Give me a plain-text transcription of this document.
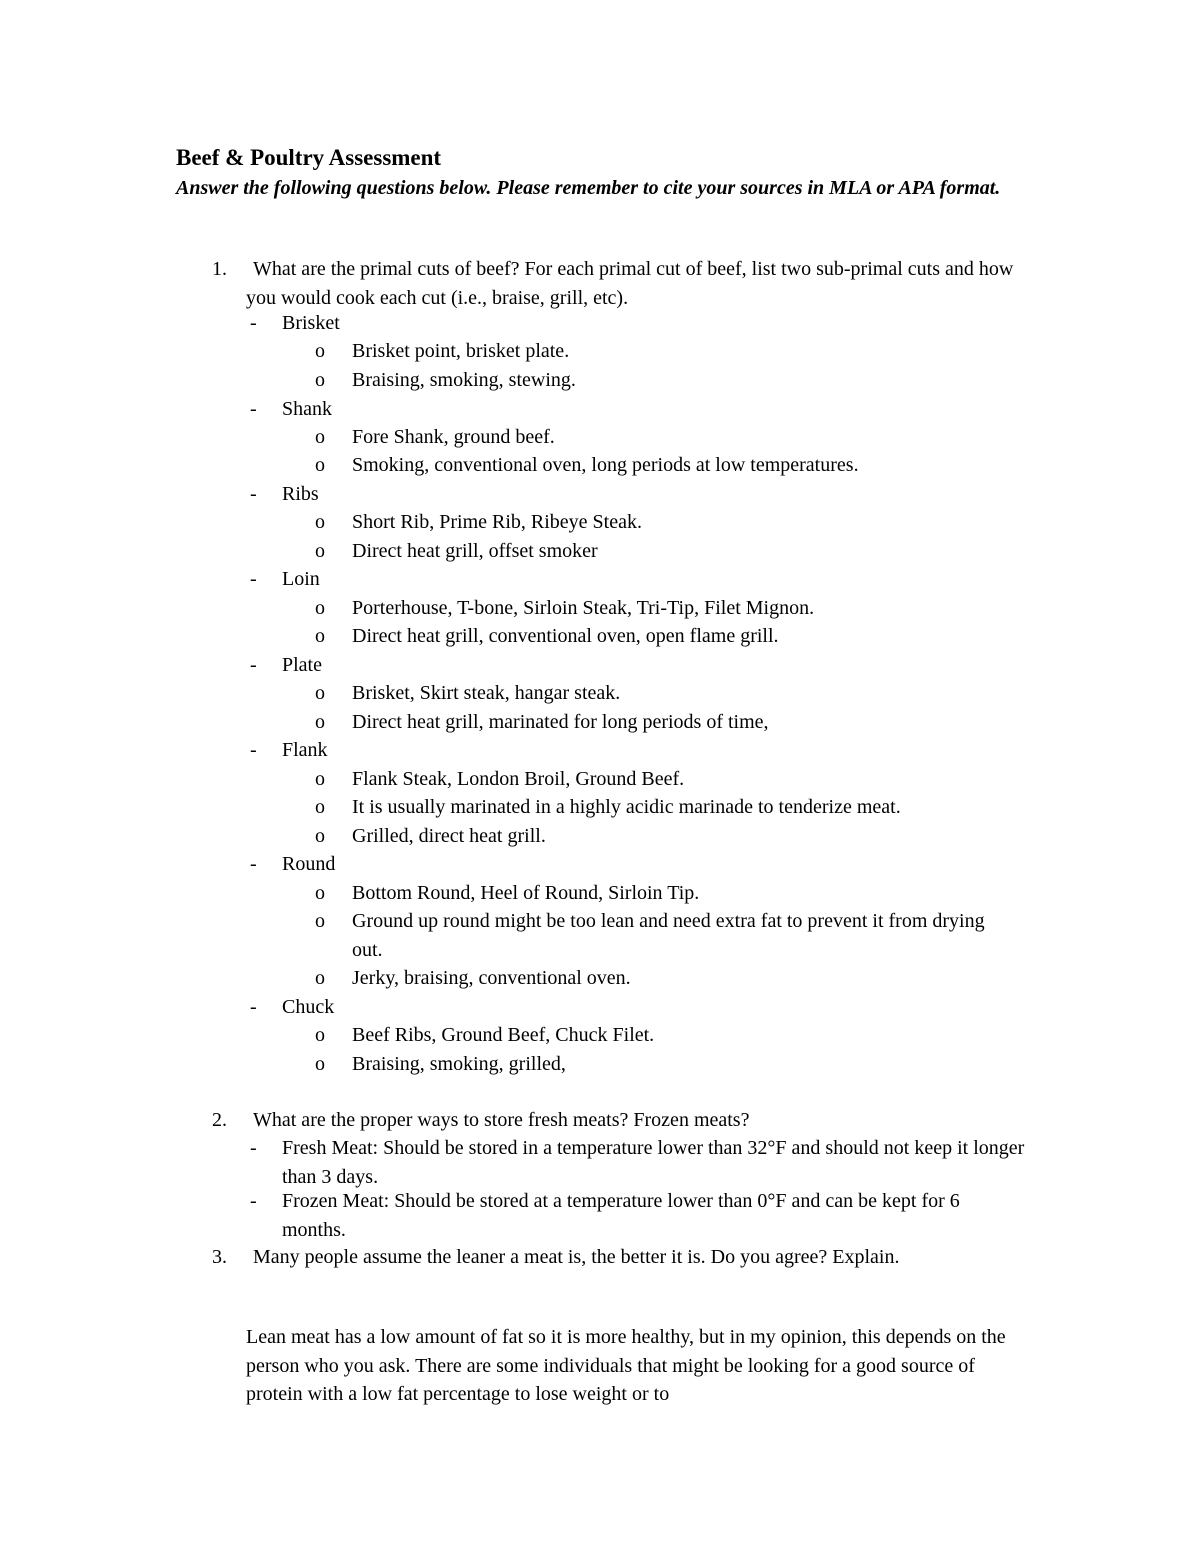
Beef & Poultry Assessment

Answer the following questions below. Please remember to cite your sources in MLA or APA format.

1.	What are the primal cuts of beef? For each primal cut of beef, list two sub-primal cuts and how you would cook each cut (i.e., braise, grill, etc).
- Brisket
o Brisket point, brisket plate.
o Braising, smoking, stewing.
- Shank
o Fore Shank, ground beef.
o Smoking, conventional oven, long periods at low temperatures.
- Ribs
o Short Rib, Prime Rib, Ribeye Steak.
o Direct heat grill, offset smoker
- Loin
o Porterhouse, T-bone, Sirloin Steak, Tri-Tip, Filet Mignon.
o Direct heat grill, conventional oven, open flame grill.
- Plate
o Brisket, Skirt steak, hangar steak.
o Direct heat grill, marinated for long periods of time,
- Flank
o Flank Steak, London Broil, Ground Beef.
o It is usually marinated in a highly acidic marinade to tenderize meat.
o Grilled, direct heat grill.
- Round
o Bottom Round, Heel of Round, Sirloin Tip.
o Ground up round might be too lean and need extra fat to prevent it from drying out.
o Jerky, braising, conventional oven.
- Chuck
o Beef Ribs, Ground Beef, Chuck Filet.
o Braising, smoking, grilled,
2.	What are the proper ways to store fresh meats? Frozen meats?
- Fresh Meat: Should be stored in a temperature lower than 32°F and should not keep it longer than 3 days.
- Frozen Meat: Should be stored at a temperature lower than 0°F and can be kept for 6 months.
3.	Many people assume the leaner a meat is, the better it is. Do you agree? Explain.
Lean meat has a low amount of fat so it is more healthy, but in my opinion, this depends on the person who you ask. There are some individuals that might be looking for a good source of protein with a low fat percentage to lose weight or to
